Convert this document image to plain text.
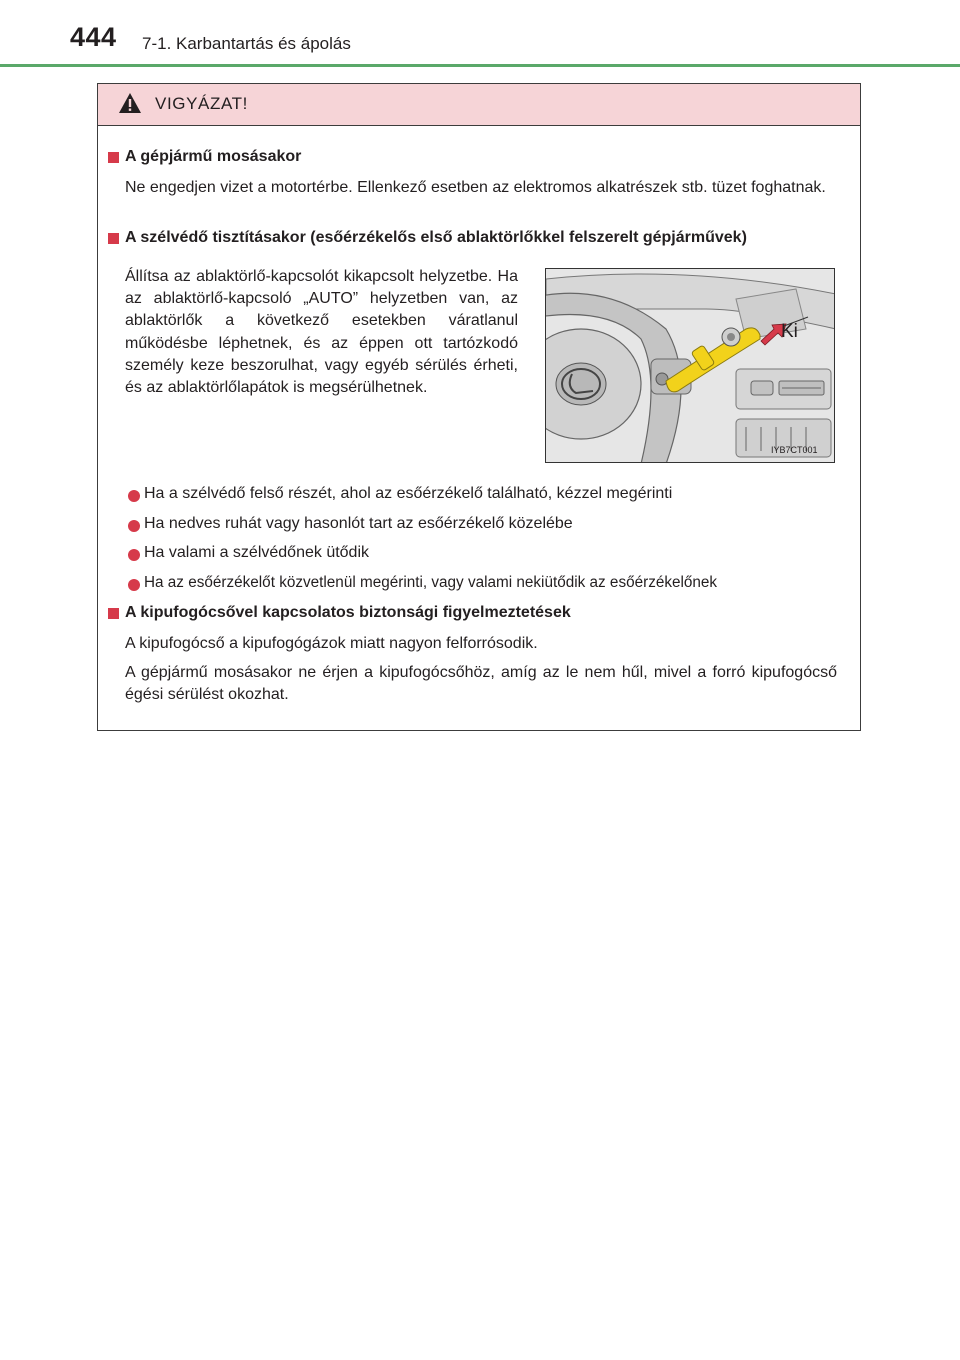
444 7-1. Karbantartás és ápolás
VIGYÁZAT!
A gépjármű mosásakor
Ne engedjen vizet a motortérbe. Ellenkező esetben az elektromos alkatrészek stb. tüzet foghatnak.
A szélvédő tisztításakor (esőérzékelős első ablaktörlőkkel felszerelt gépjárművek)
Állítsa az ablaktörlő-kapcsolót kikapcsolt helyzetbe. Ha az ablaktörlő-kapcsoló „AUTO” helyzetben van, az ablaktörlők a következő esetekben váratlanul működésbe léphetnek, és az éppen ott tartózkodó személy keze beszorulhat, vagy egyéb sérülés érheti, és az ablaktörlőlapátok is megsérülhetnek.
Ki
IYB7CT001
Ha a szélvédő felső részét, ahol az esőérzékelő található, kézzel megérinti
Ha nedves ruhát vagy hasonlót tart az esőérzékelő közelébe
Ha valami a szélvédőnek ütődik
Ha az esőérzékelőt közvetlenül megérinti, vagy valami nekiütődik az esőérzékelőnek
A kipufogócsővel kapcsolatos biztonsági figyelmeztetések
A kipufogócső a kipufogógázok miatt nagyon felforrósodik.
A gépjármű mosásakor ne érjen a kipufogócsőhöz, amíg az le nem hűl, mivel a forró kipufogócső égési sérülést okozhat.
